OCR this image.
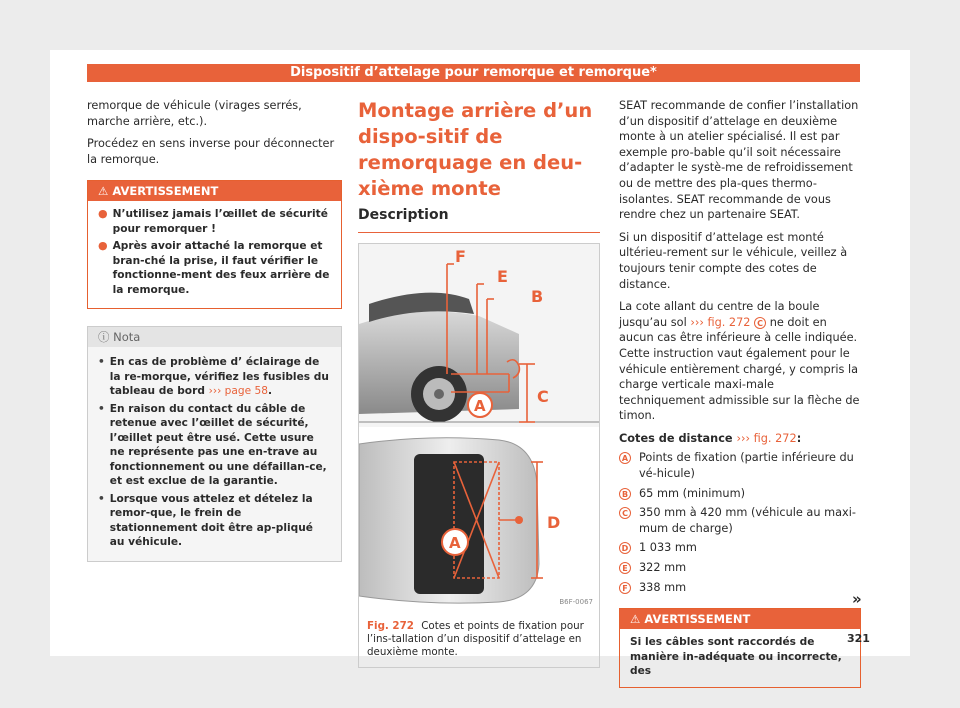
Dispositif d’attelage pour remorque et remorque*

remorque de véhicule (virages serrés, marche arrière, etc.).

Procédez en sens inverse pour déconnecter la remorque.

⚠ AVERTISSEMENT
● N’utilisez jamais l’œillet de sécurité pour remorquer !
● Après avoir attaché la remorque et bran-ché la prise, il faut vérifier le fonctionne-ment des feux arrière de la remorque.
ⓘ Nota
• En cas de problème d’ éclairage de la re-morque, vérifiez les fusibles du tableau de bord ››› page 58.
• En raison du contact du câble de retenue avec l’œillet de sécurité, l’œillet peut être usé. Cette usure ne représente pas une en-trave au fonctionnement ou une défaillan-ce, et est exclue de la garantie.
• Lorsque vous attelez et dételez la remor-que, le frein de stationnement doit être ap-pliqué au véhicule.
Montage arrière d’un dispo-sitif de remorquage en deu-xième monte
Description
F
E
B
C
A
A
D
B6F-0067
Fig. 272 Cotes et points de fixation pour l’ins-tallation d’un dispositif d’attelage en deuxième monte.

SEAT recommande de confier l’installation d’un dispositif d’attelage en deuxième monte à un atelier spécialisé. Il est par exemple pro-bable qu’il soit nécessaire d’adapter le systè-me de refroidissement ou de mettre des pla-ques thermo-isolantes. SEAT recommande de vous rendre chez un partenaire SEAT.

Si un dispositif d’attelage est monté ultérieu-rement sur le véhicule, veillez à toujours tenir compte des cotes de distance.

La cote allant du centre de la boule jusqu’au sol ››› fig. 272 C ne doit en aucun cas être inférieure à celle indiquée. Cette instruction vaut également pour le véhicule entièrement chargé, y compris la charge verticale maxi-male techniquement admissible sur la flèche de timon.

Cotes de distance ››› fig. 272:
A Points de fixation (partie inférieure du vé-hicule)
B 65 mm (minimum)
C 350 mm à 420 mm (véhicule au maxi-mum de charge)
D 1 033 mm
E 322 mm
F 338 mm
⚠ AVERTISSEMENT
Si les câbles sont raccordés de manière in-adéquate ou incorrecte, des
»
321
